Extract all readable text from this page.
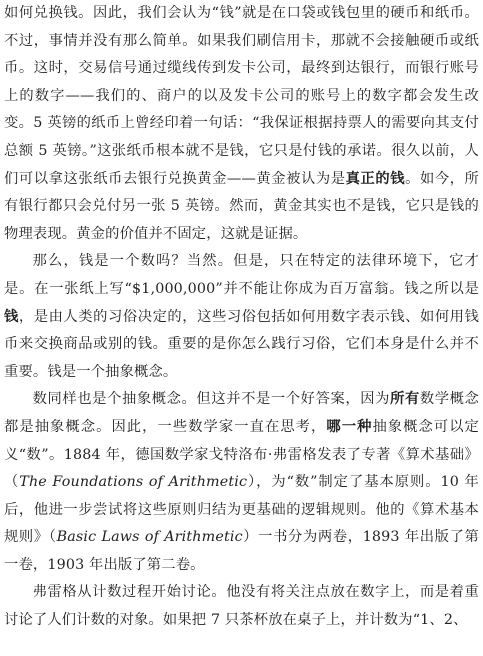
如何兑换钱。因此，我们会认为“钱”就是在口袋或钱包里的硬币和纸币。不过，事情并没有那么简单。如果我们刷信用卡，那就不会接触硬币或纸币。这时，交易信号通过缆线传到发卡公司，最终到达银行，而银行账号上的数字——我们的、商户的以及发卡公司的账号上的数字都会发生改变。5 英镑的纸币上曾经印着一句话：“我保证根据持票人的需要向其支付总额 5 英镑。”这张纸币根本就不是钱，它只是付钱的承诺。很久以前，人们可以拿这张纸币去银行兑换黄金——黄金被认为是真正的钱。如今，所有银行都只会兑付另一张 5 英镑。然而，黄金其实也不是钱，它只是钱的物理表现。黄金的价值并不固定，这就是证据。

那么，钱是一个数吗？当然。但是，只在特定的法律环境下，它才是。在一张纸上写“$1,000,000”并不能让你成为百万富翁。钱之所以是钱，是由人类的习俗决定的，这些习俗包括如何用数字表示钱、如何用钱币来交换商品或别的钱。重要的是你怎么践行习俗，它们本身是什么并不重要。钱是一个抽象概念。

数同样也是个抽象概念。但这并不是一个好答案，因为所有数学概念都是抽象概念。因此，一些数学家一直在思考，哪一种抽象概念可以定义“数”。1884 年，德国数学家戈特洛布·弗雷格发表了专著《算术基础》（The Foundations of Arithmetic），为“数”制定了基本原则。10 年后，他进一步尝试将这些原则归结为更基础的逻辑规则。他的《算术基本规则》（Basic Laws of Arithmetic）一书分为两卷，1893 年出版了第一卷，1903 年出版了第二卷。

弗雷格从计数过程开始讨论。他没有将关注点放在数字上，而是着重讨论了人们计数的对象。如果把 7 只茶杯放在桌子上，并计数为“1、2、
